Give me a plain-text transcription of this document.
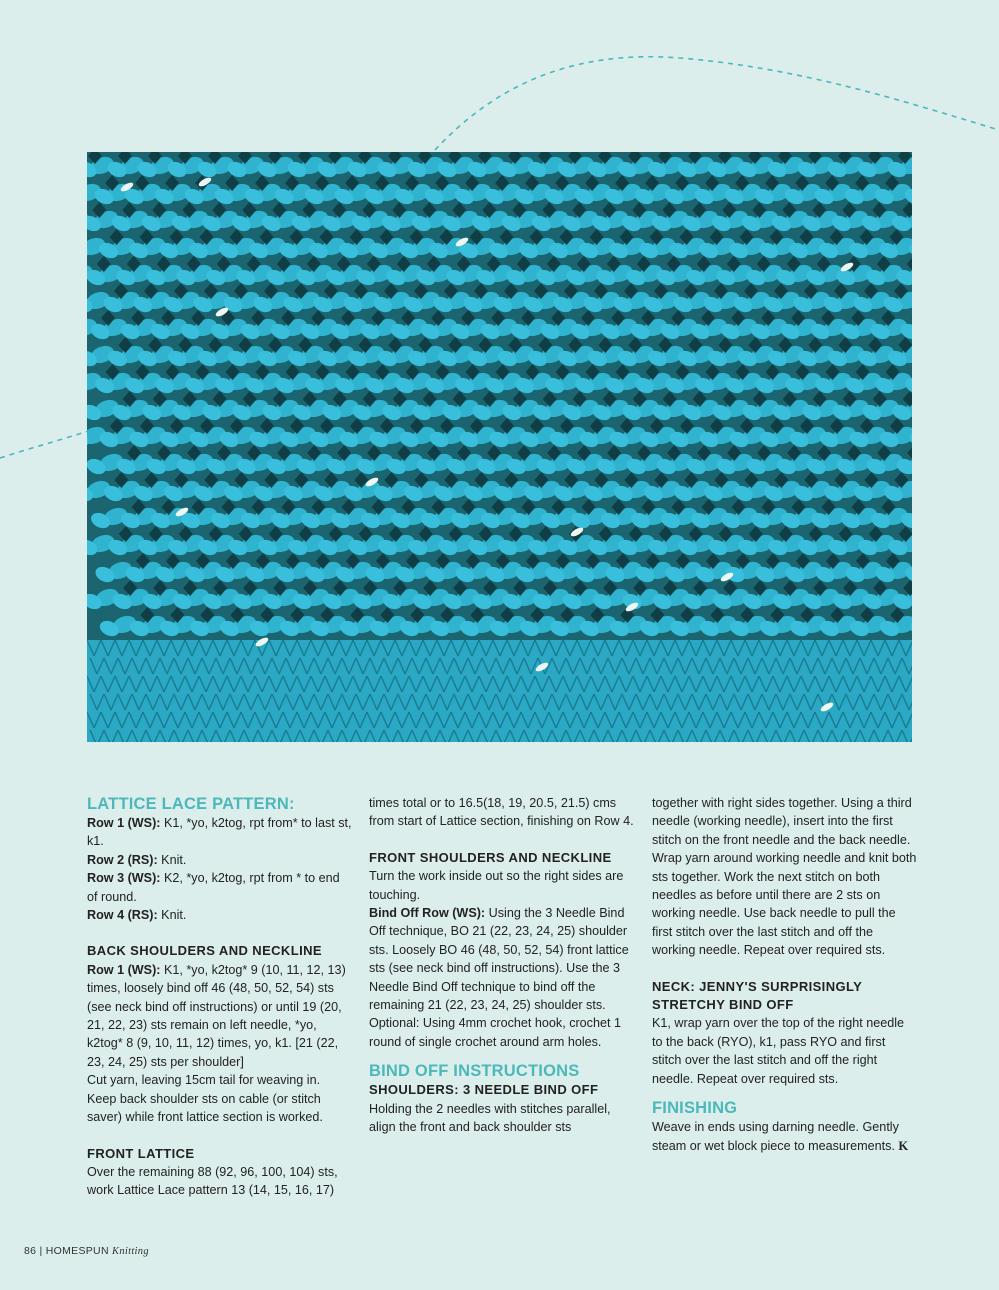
LATTICE LACE PATTERN:

Row 1 (WS): K1, *yo, k2tog, rpt from* to last st, k1.

Row 2 (RS): Knit.

Row 3 (WS): K2, *yo, k2tog, rpt from * to end of round.

Row 4 (RS): Knit.

BACK SHOULDERS AND NECKLINE

Row 1 (WS): K1, *yo, k2tog* 9 (10, 11, 12, 13) times, loosely bind off 46 (48, 50, 52, 54) sts (see neck bind off instructions) or until 19 (20, 21, 22, 23) sts remain on left needle, *yo, k2tog* 8 (9, 10, 11, 12) times, yo, k1. [21 (22, 23, 24, 25) sts per shoulder]

Cut yarn, leaving 15cm tail for weaving in. Keep back shoulder sts on cable (or stitch saver) while front lattice section is worked.

FRONT LATTICE

Over the remaining 88 (92, 96, 100, 104) sts, work Lattice Lace pattern 13 (14, 15, 16, 17)

times total or to 16.5(18, 19, 20.5, 21.5) cms from start of Lattice section, finishing on Row 4.

FRONT SHOULDERS AND NECKLINE

Turn the work inside out so the right sides are touching.

Bind Off Row (WS): Using the 3 Needle Bind Off technique, BO 21 (22, 23, 24, 25) shoulder sts. Loosely BO 46 (48, 50, 52, 54) front lattice sts (see neck bind off instructions). Use the 3 Needle Bind Off technique to bind off the remaining 21 (22, 23, 24, 25) shoulder sts.

Optional: Using 4mm crochet hook, crochet 1 round of single crochet around arm holes.

BIND OFF INSTRUCTIONS
SHOULDERS: 3 NEEDLE BIND OFF

Holding the 2 needles with stitches parallel, align the front and back shoulder sts

together with right sides together. Using a third needle (working needle), insert into the first stitch on the front needle and the back needle. Wrap yarn around working needle and knit both sts together. Work the next stitch on both needles as before until there are 2 sts on working needle. Use back needle to pull the first stitch over the last stitch and off the working needle. Repeat over required sts.

NECK: JENNY'S SURPRISINGLY STRETCHY BIND OFF

K1, wrap yarn over the top of the right needle to the back (RYO), k1, pass RYO and first stitch over the last stitch and off the right needle. Repeat over required sts.

FINISHING

Weave in ends using darning needle. Gently steam or wet block piece to measurements. K

86 | HOMESPUN Knitting
